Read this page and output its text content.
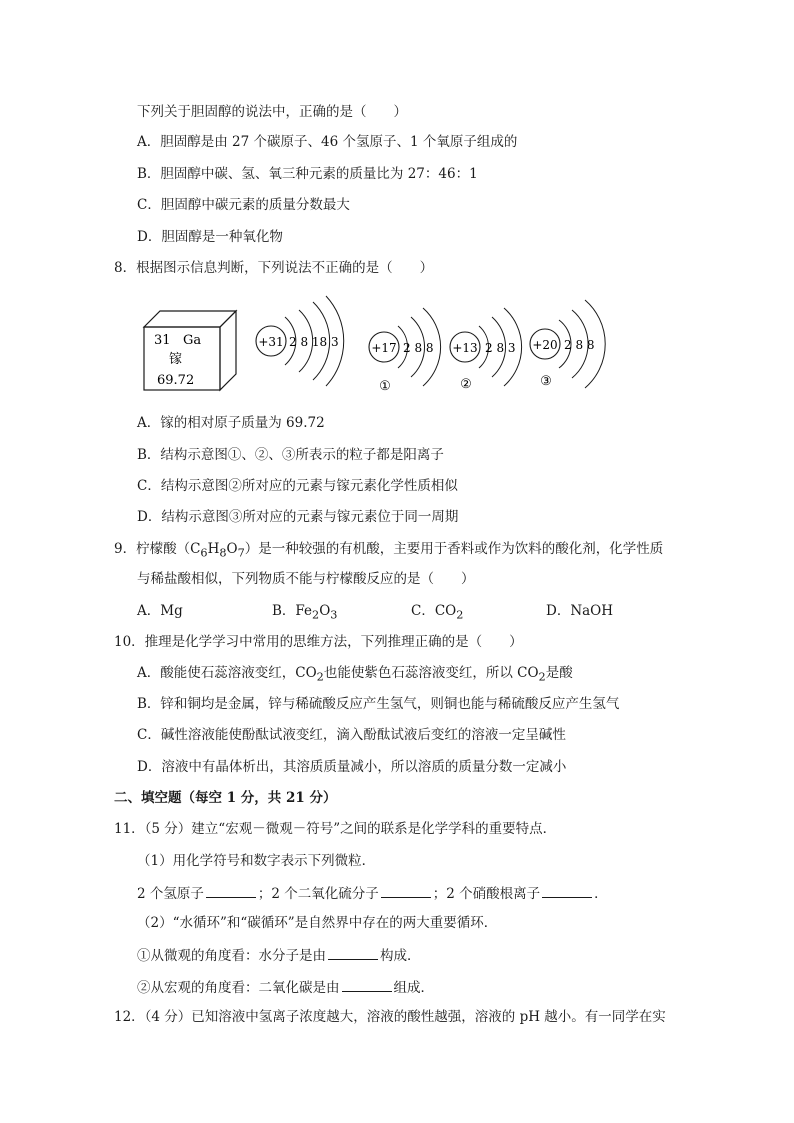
下列关于胆固醇的说法中，正确的是（　　）
A．胆固醇是由 27 个碳原子、46 个氢原子、1 个氧原子组成的
B．胆固醇中碳、氢、氧三种元素的质量比为 27：46：1
C．胆固醇中碳元素的质量分数最大
D．胆固醇是一种氧化物
8．根据图示信息判断，下列说法不正确的是（　　）
31 Ga
镓
69.72
+31 2 8 18 3	+17 2 8 8
①
+13 2 8 3
②
+20 2 8 8
③
A．镓的相对原子质量为 69.72
B．结构示意图①、②、③所表示的粒子都是阳离子
C．结构示意图②所对应的元素与镓元素化学性质相似
D．结构示意图③所对应的元素与镓元素位于同一周期
9．柠檬酸$(C_6H_8O_7)$是一种较强的有机酸，主要用于香料或作为饮料的酸化剂，化学性质
与稀盐酸相似，下列物质不能与柠檬酸反应的是（　　）
A．Mg	B．$Fe_2O_3$	C．$CO_2$	D．NaOH
10．推理是化学学习中常用的思维方法，下列推理正确的是（　　）
A．酸能使石蕊溶液变红，$CO_2$也能使紫色石蕊溶液变红，所以 $CO_2$是酸
B．锌和铜均是金属，锌与稀硫酸反应产生氢气，则铜也能与稀硫酸反应产生氢气
C．碱性溶液能使酚酞试液变红，滴入酚酞试液后变红的溶液一定呈碱性
D．溶液中有晶体析出，其溶质质量减小，所以溶质的质量分数一定减小
二、填空题（每空 1 分，共 21 分）
11．（5 分）建立“宏观－微观－符号”之间的联系是化学学科的重要特点．
（1）用化学符号和数字表示下列微粒．
2 个氢原子	；2 个二氧化硫分子	；2 个硝酸根离子	．
（2）“水循环”和“碳循环”是自然界中存在的两大重要循环．
①从微观的角度看：水分子是由	构成．
②从宏观的角度看：二氧化碳是由	组成．
12．（4 分）已知溶液中氢离子浓度越大，溶液的酸性越强，溶液的 pH 越小。有一同学在实
